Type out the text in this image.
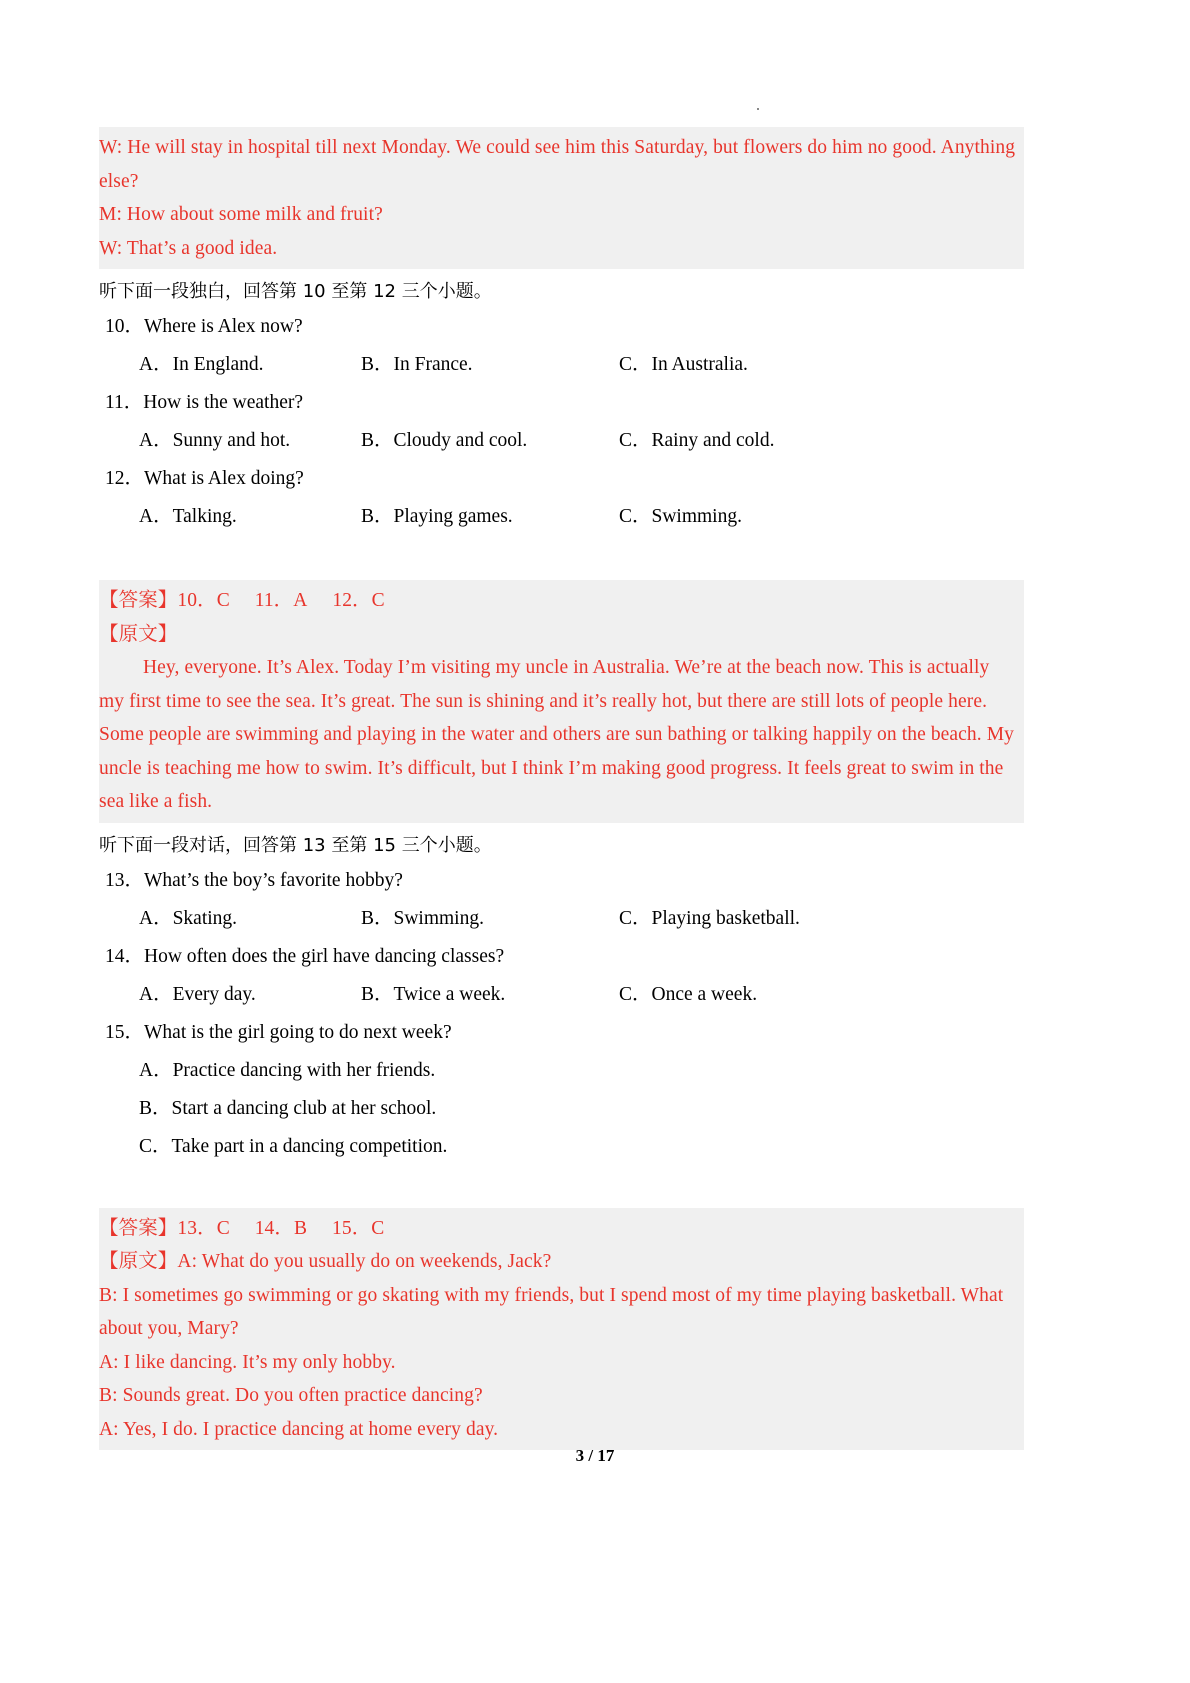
W: He will stay in hospital till next Monday. We could see him this Saturday, but flowers do him no good. Anything
else?
M: How about some milk and fruit?
W: That’s a good idea.
听下面一段独白，回答第 10 至第 12 三个小题。
10．Where is Alex now?
A．In England.	B．In France.	C．In Australia.
11．How is the weather?
A．Sunny and hot.	B．Cloudy and cool.	C．Rainy and cold.
12．What is Alex doing?
A．Talking.	B．Playing games.	C．Swimming.
【答案】10．C 11．A 12．C
【原文】
Hey, everyone. It’s Alex. Today I’m visiting my uncle in Australia. We’re at the beach now. This is actually
my first time to see the sea. It’s great. The sun is shining and it’s really hot, but there are still lots of people here.
Some people are swimming and playing in the water and others are sun bathing or talking happily on the beach. My
uncle is teaching me how to swim. It’s difficult, but I think I’m making good progress. It feels great to swim in the
sea like a fish.
听下面一段对话，回答第 13 至第 15 三个小题。
13．What’s the boy’s favorite hobby?
A．Skating.	B．Swimming.	C．Playing basketball.
14．How often does the girl have dancing classes?
A．Every day.	B．Twice a week.	C．Once a week.
15．What is the girl going to do next week?
A．Practice dancing with her friends.
B．Start a dancing club at her school.
C．Take part in a dancing competition.
【答案】13．C 14．B 15．C
【原文】A: What do you usually do on weekends, Jack?
B: I sometimes go swimming or go skating with my friends, but I spend most of my time playing basketball. What
about you, Mary?
A: I like dancing. It’s my only hobby.
B: Sounds great. Do you often practice dancing?
A: Yes, I do. I practice dancing at home every day.
3 / 17
